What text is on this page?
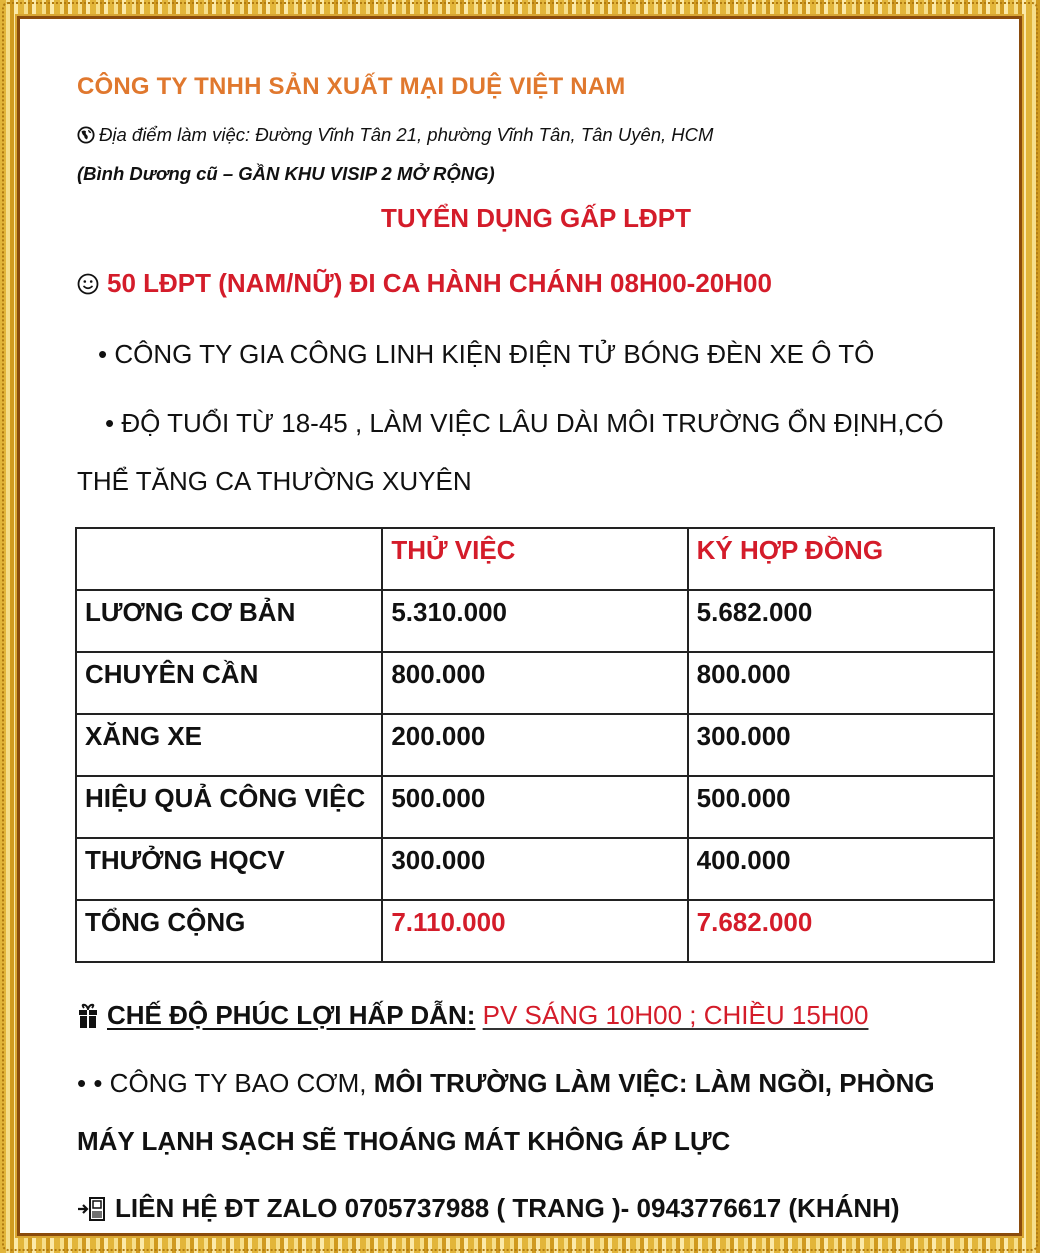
CÔNG TY TNHH SẢN XUẤT MẠI DUỆ VIỆT NAM
Địa điểm làm việc: Đường Vĩnh Tân 21, phường Vĩnh Tân, Tân Uyên, HCM
(Bình Dương cũ – GẦN KHU VISIP 2 MỞ RỘNG)
TUYỂN DỤNG GẤP LĐPT
50 LĐPT (NAM/NỮ) ĐI CA HÀNH CHÁNH 08H00-20H00
• CÔNG TY GIA CÔNG LINH KIỆN ĐIỆN TỬ BÓNG ĐÈN XE Ô TÔ
• ĐỘ TUỔI TỪ 18-45 , LÀM VIỆC LÂU DÀI MÔI TRƯỜNG ỔN ĐỊNH,CÓ
THỂ TĂNG CA THƯỜNG XUYÊN
	THỬ VIỆC	KÝ HỢP ĐỒNG
LƯƠNG CƠ BẢN	5.310.000	5.682.000
CHUYÊN CẦN	800.000	800.000
XĂNG XE	200.000	300.000
HIỆU QUẢ CÔNG VIỆC	500.000	500.000
THƯỞNG HQCV	300.000	400.000
TỔNG CỘNG	7.110.000	7.682.000
CHẾ ĐỘ PHÚC LỢI HẤP DẪN: PV SÁNG 10H00 ; CHIỀU 15H00
• • CÔNG TY BAO CƠM, MÔI TRƯỜNG LÀM VIỆC: LÀM NGỒI, PHÒNG
MÁY LẠNH SẠCH SẼ THOÁNG MÁT KHÔNG ÁP LỰC
LIÊN HỆ ĐT ZALO 0705737988 ( TRANG )- 0943776617 (KHÁNH)
